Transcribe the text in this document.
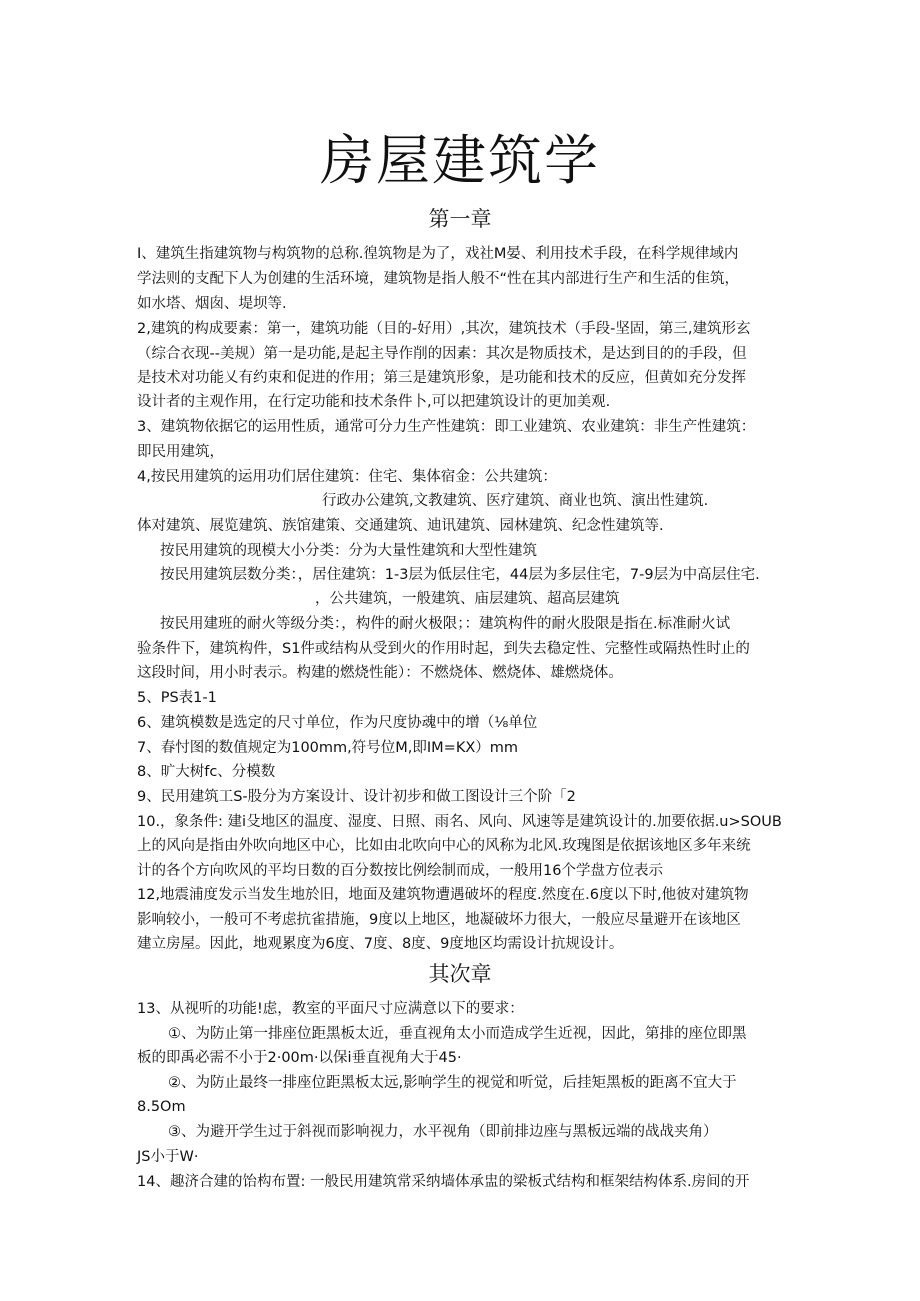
房屋建筑学
第一章
I、建筑生指建筑物与构筑物的总称.徨筑物是为了，戏社M晏、利用技术手段，在科学规律域内
学法则的支配下人为创建的生活环境，建筑物是指人般不“性在其内部进行生产和生活的隹筑，
如水塔、烟囱、堤坝等.
2,建筑的构成要素：第一，建筑功能（目的-好用）,其次，建筑技术（手段-坚固，第三,建筑形玄
（综合衣现--美规）第一是功能,是起主导作削的因素：其次是物质技术，是达到目的的手段，但
是技术对功能乂有约束和促进的作用；第三是建筑形象，是功能和技术的反应，但黄如充分发挥
设计者的主观作用，在行定功能和技术条件卜,可以把建筑设计的更加美观.
3、建筑物依据它的运用性质，通常可分力生产性建筑：即工业建筑、农业建筑：非生产性建筑：
即民用建筑，
4,按民用建筑的运用功们居住建筑：住宅、集体宿金：公共建筑：
行政办公建筑,文教建筑、医疗建筑、商业也筑、演出性建筑.
体对建筑、展览建筑、族馆建策、交通建筑、迪讯建筑、园林建筑、纪念性建筑等.
按民用建筑的现模大小分类：分为大量性建筑和大型性建筑
按民用建筑层数分类：，居住建筑：1-3层为低层住宅，44层为多层住宅，7-9层为中高层住宅.
，公共建筑，一般建筑、庙层建筑、超高层建筑
按民用建班的耐火等级分类：，构件的耐火极限；：建筑构件的耐火股限是指在.标准耐火试
验条件下，建筑构件，S1件或结构从受到火的作用时起，到失去稳定性、完整性或隔热性时止的
这段时间，用小时表示。构建的燃烧性能）：不燃烧体、燃烧体、雄燃烧体。
5、PS表1-1
6、建筑模数是选定的尺寸单位，作为尺度协魂中的增（⅛单位
7、春忖图的数值规定为100mm,符号位M,即IM=KX）mm
8、旷大树fc、分模数
9、民用建筑工S-股分为方案设计、设计初步和做工图设计三个阶「2
10.，象条件: 建i殳地区的温度、湿度、日照、雨名、风向、风速等是建筑设计的.加要依据.u>SOUB
上的风向是指由外吹向地区中心，比如由北吹向中心的风称为北风.玫瑰图是依据该地区多年来统
计的各个方向吹风的平均日数的百分数按比例绘制而成，一般用16个学盘方位表示
12,地震浦度发示当发生地於旧，地面及建筑物遭遇破坏的程度.然度在.6度以下时,他彼对建筑物
影响较小，一般可不考虑抗雀措施，9度以上地区，地凝破坏力很大，一般应尽量避开在该地区
建立房屋。因此，地观累度为6度、7度、8度、9度地区均需设计抗规设计。
其次章
13、从视听的功能!虑，教室的平面尺寸应满意以下的要求：
①、为防止第一排座位距黑板太近，垂直视角太小而造成学生近视，因此，第排的座位即黑
板的即禹必需不小于2·00m·以保i垂直视角大于45·
②、为防止最终一排座位距黑板太远,影响学生的视觉和听觉，后挂矩黑板的距离不宜大于
8.5Om
③、为避开学生过于斜视而影响视力，水平视角（即前排边座与黑板远端的战战夹角）
JS小于W·
14、趣济合建的饴构布置: 一般民用建筑常采纳墙体承盅的梁板式结构和框架结构体系.房间的开
